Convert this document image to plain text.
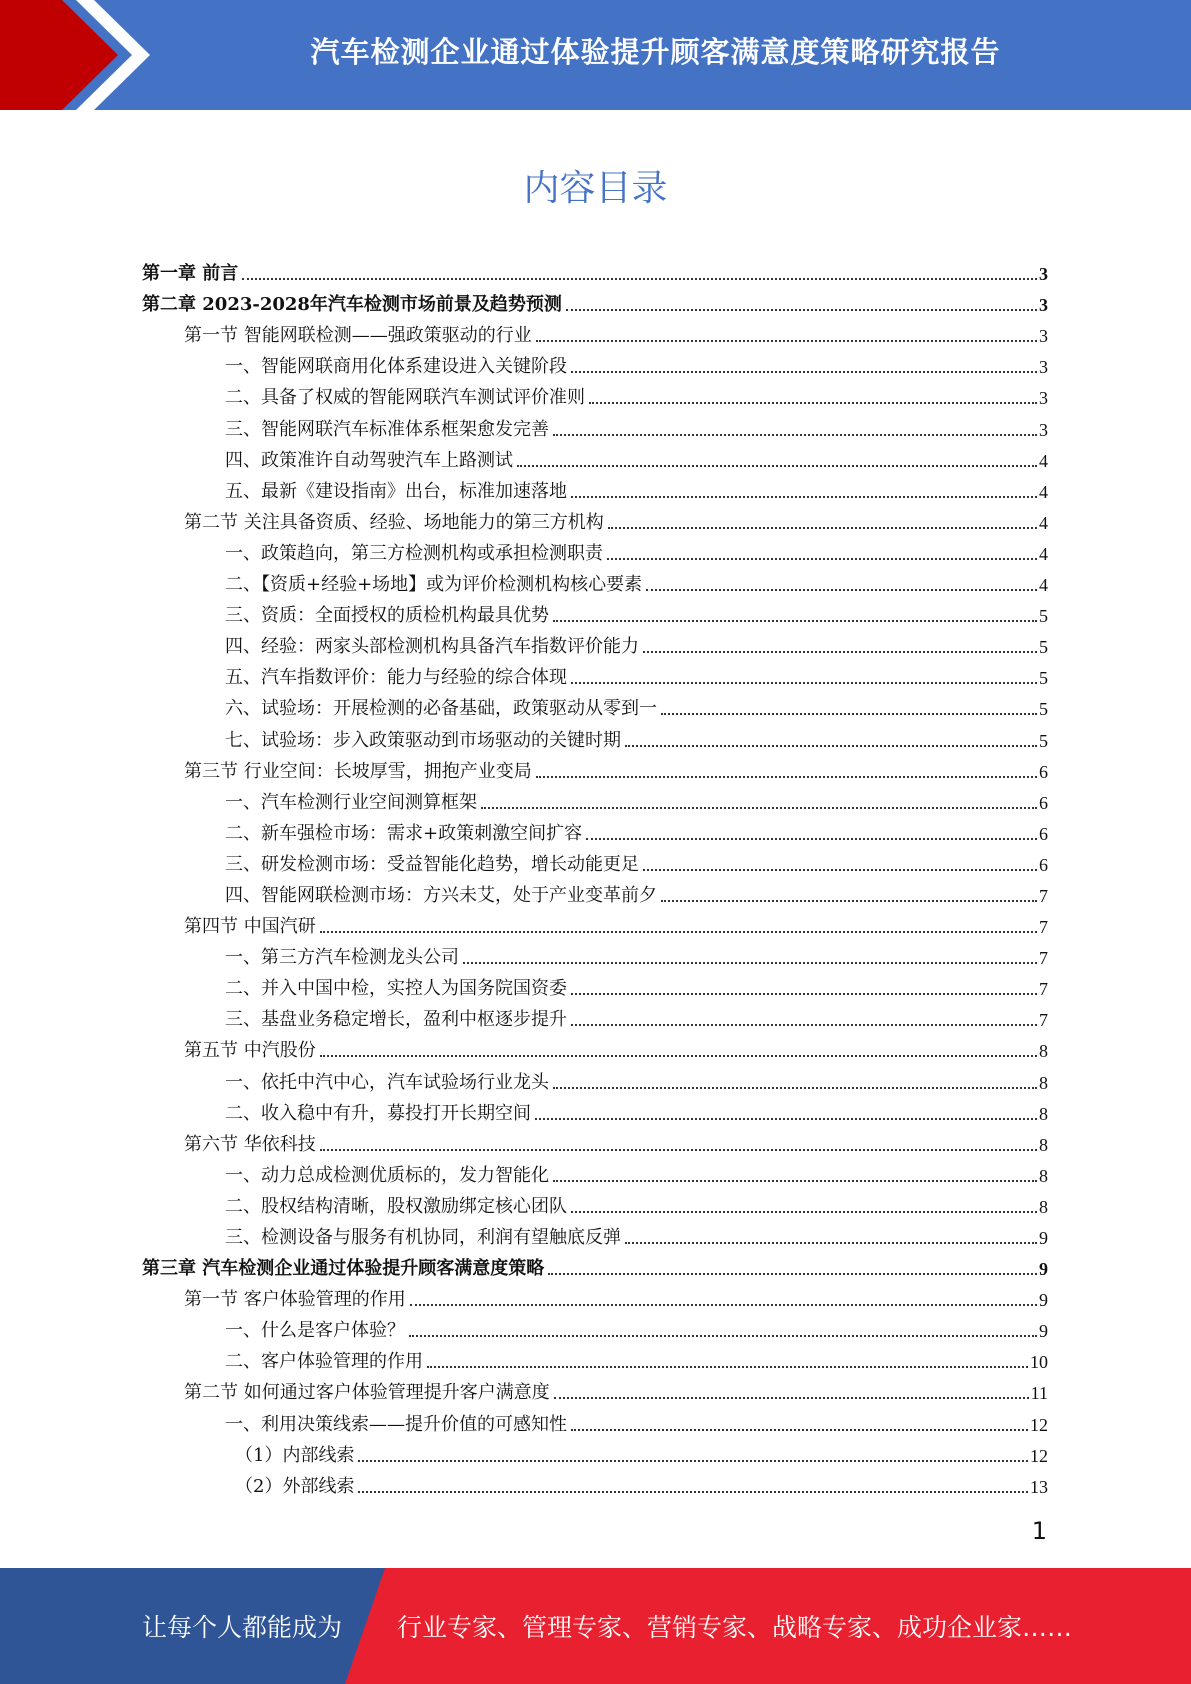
汽车检测企业通过体验提升顾客满意度策略研究报告
内容目录
第一章 前言	3
第二章 2023-2028年汽车检测市场前景及趋势预测	3
第一节 智能网联检测——强政策驱动的行业	3
一、智能网联商用化体系建设进入关键阶段	3
二、具备了权威的智能网联汽车测试评价准则	3
三、智能网联汽车标准体系框架愈发完善	3
四、政策准许自动驾驶汽车上路测试	4
五、最新《建设指南》出台，标准加速落地	4
第二节 关注具备资质、经验、场地能力的第三方机构	4
一、政策趋向，第三方检测机构或承担检测职责	4
二、【资质+经验+场地】或为评价检测机构核心要素	4
三、资质：全面授权的质检机构最具优势	5
四、经验：两家头部检测机构具备汽车指数评价能力	5
五、汽车指数评价：能力与经验的综合体现	5
六、试验场：开展检测的必备基础，政策驱动从零到一	5
七、试验场：步入政策驱动到市场驱动的关键时期	5
第三节 行业空间：长坡厚雪，拥抱产业变局	6
一、汽车检测行业空间测算框架	6
二、新车强检市场：需求+政策刺激空间扩容	6
三、研发检测市场：受益智能化趋势，增长动能更足	6
四、智能网联检测市场：方兴未艾，处于产业变革前夕	7
第四节 中国汽研	7
一、第三方汽车检测龙头公司	7
二、并入中国中检，实控人为国务院国资委	7
三、基盘业务稳定增长，盈利中枢逐步提升	7
第五节 中汽股份	8
一、依托中汽中心，汽车试验场行业龙头	8
二、收入稳中有升，募投打开长期空间	8
第六节 华依科技	8
一、动力总成检测优质标的，发力智能化	8
二、股权结构清晰，股权激励绑定核心团队	8
三、检测设备与服务有机协同，利润有望触底反弹	9
第三章 汽车检测企业通过体验提升顾客满意度策略	9
第一节 客户体验管理的作用	9
一、什么是客户体验？	9
二、客户体验管理的作用	10
第二节 如何通过客户体验管理提升客户满意度	11
一、利用决策线索——提升价值的可感知性	12
（1）内部线索	12
（2）外部线索	13
1
让每个人都能成为 行业专家、管理专家、营销专家、战略专家、成功企业家……
